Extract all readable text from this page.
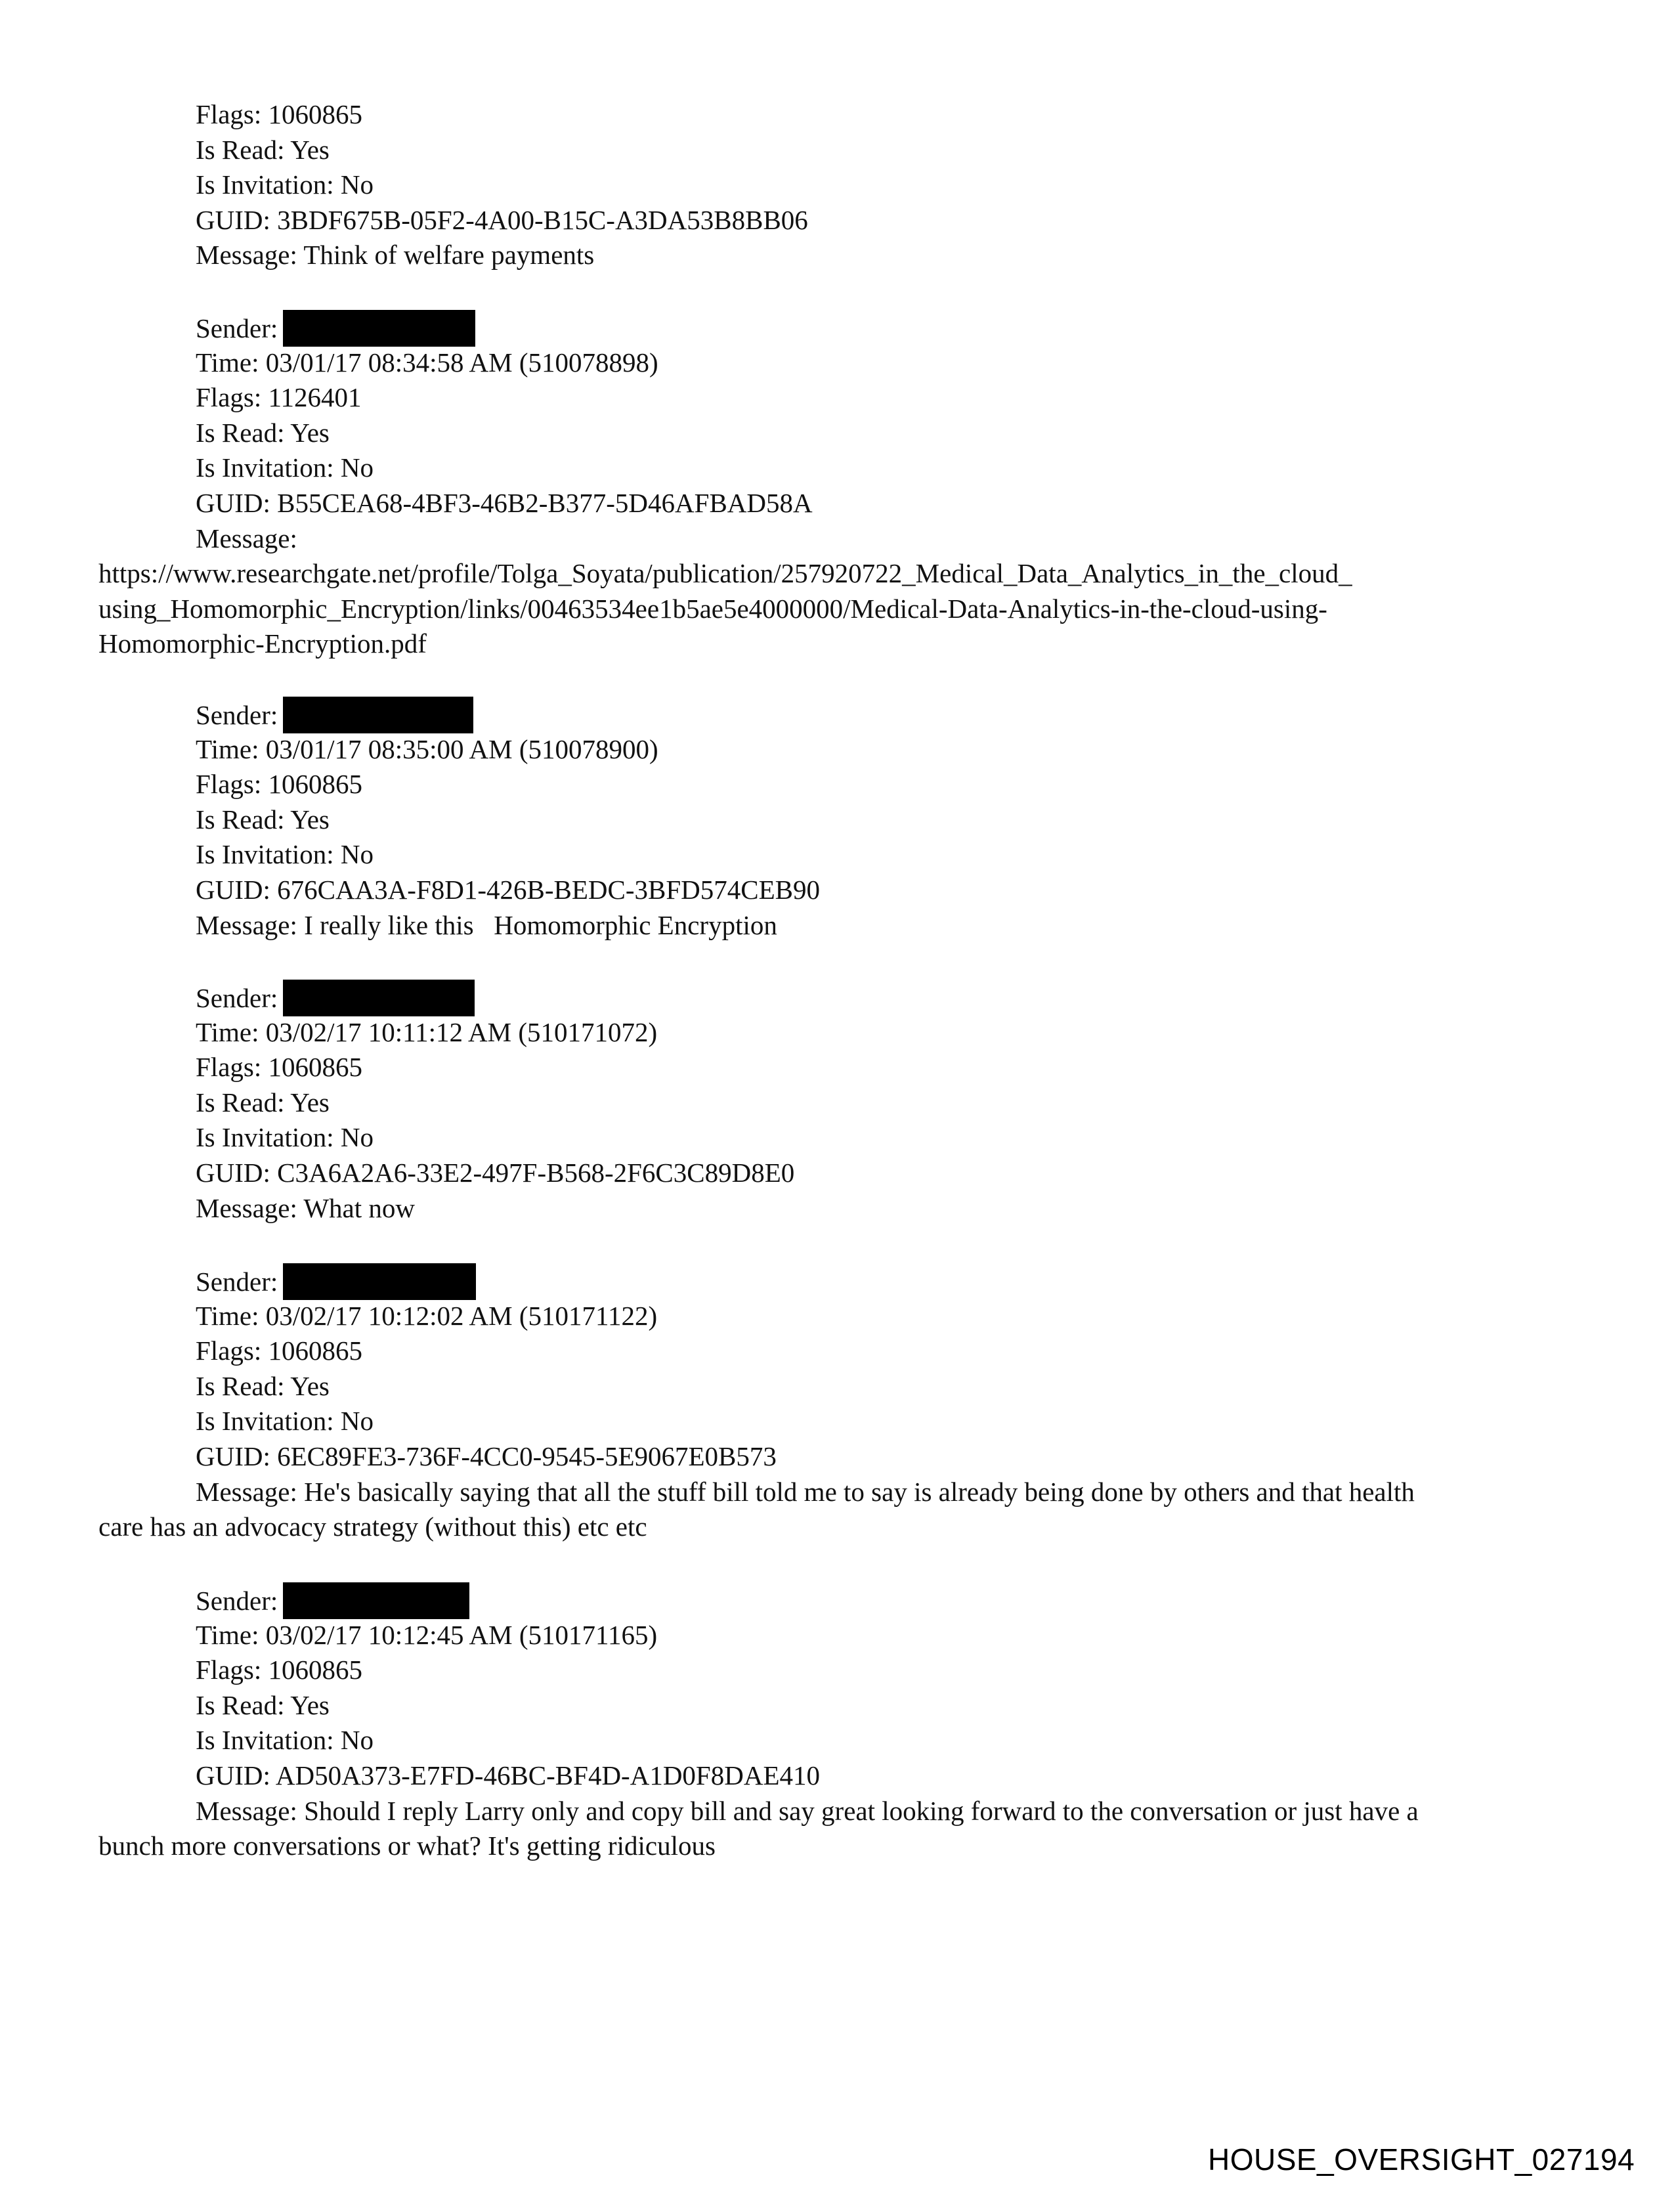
Flags: 1060865
Is Read: Yes
Is Invitation: No
GUID: 3BDF675B-05F2-4A00-B15C-A3DA53B8BB06
Message: Think of welfare payments
Sender:
Time: 03/01/17 08:34:58 AM (510078898)
Flags: 1126401
Is Read: Yes
Is Invitation: No
GUID: B55CEA68-4BF3-46B2-B377-5D46AFBAD58A
Message:
https://www.researchgate.net/profile/Tolga_Soyata/publication/257920722_Medical_Data_Analytics_in_the_cloud_
using_Homomorphic_Encryption/links/00463534ee1b5ae5e4000000/Medical-Data-Analytics-in-the-cloud-using-
Homomorphic-Encryption.pdf
Sender:
Time: 03/01/17 08:35:00 AM (510078900)
Flags: 1060865
Is Read: Yes
Is Invitation: No
GUID: 676CAA3A-F8D1-426B-BEDC-3BFD574CEB90
Message: I really like this   Homomorphic Encryption
Sender:
Time: 03/02/17 10:11:12 AM (510171072)
Flags: 1060865
Is Read: Yes
Is Invitation: No
GUID: C3A6A2A6-33E2-497F-B568-2F6C3C89D8E0
Message: What now
Sender:
Time: 03/02/17 10:12:02 AM (510171122)
Flags: 1060865
Is Read: Yes
Is Invitation: No
GUID: 6EC89FE3-736F-4CC0-9545-5E9067E0B573
Message: He's basically saying that all the stuff bill told me to say is already being done by others and that health
care has an advocacy strategy (without this) etc etc
Sender:
Time: 03/02/17 10:12:45 AM (510171165)
Flags: 1060865
Is Read: Yes
Is Invitation: No
GUID: AD50A373-E7FD-46BC-BF4D-A1D0F8DAE410
Message: Should I reply Larry only and copy bill and say great looking forward to the conversation or just have a
bunch more conversations or what? It's getting ridiculous
HOUSE_OVERSIGHT_027194
